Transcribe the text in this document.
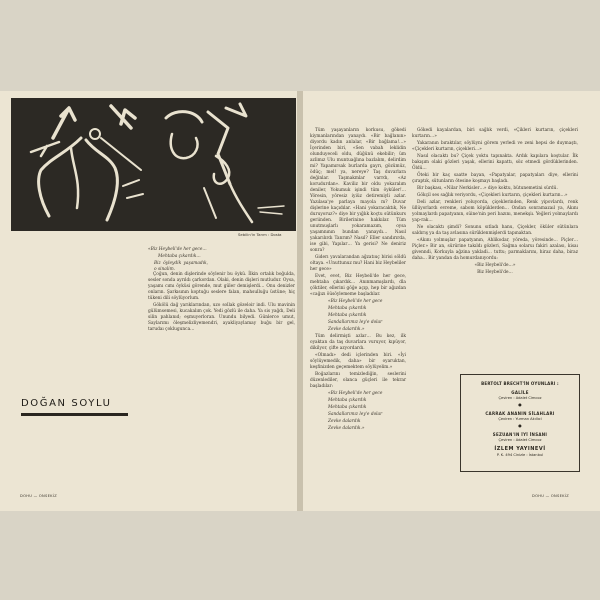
Sebilin'in Tarım : Dosta

«Biz Heybeli'de her gece…

Mehtaba çıkardık…

Biz öyleydik yaşamadık, o sinalim.

Çoğun, denin dişlerinde söylenir bu öykü. İlkin ortalık boğulda, sesler sonda ayrıldı çarkordan. Olaki, denin dişleri mutludur. Oysa, yaşamı cımı öyküsi görende, mut güler demişlerdi… Onu denizler onların. Şarkısının koptuğu seslere falan, mahsulluğu üstüne; hiç tükeni dili söylüyorlum.

Gökölü dağ yarıklarından, uzo sollak gözeloir indi. Ulu mavinin gülümsemesi, kucakalım çok. Yedi gözlü ile daha. Ya sis yağdı, Deli silin pahlanıd; eşmuyerloran. Unundu bilyedi. Günlerce umut, Saylarımı öleşmelizliyemendri, ayakliyaylamay buğu bir gel, tarudaı çoklugunca…

DOĞAN SOYLU
DOHU — ONSEKİZ

Tüm yaşayanların korkusu, gökedi kiymanlarından yanaydı. «Bir bağlanın» diyordu kadın anlalar, «Bir bağlama!…» İçerinden biri, «Sen vabah leklidin olunduyeceli oldu, düğünü ekebilir; üm azlimız Ulu muntuağlına bazlalım, delirdim mi? Yapamırsak burlarda gayrı, gözümüz, ödüç; mel! ya, nereye? Taş duvarlara değinlar. Taşmakmlar varrdı, «Az korudurdan». Kaviliz bir oldu yokaralım deniler, Yokumuk işindi tüm öyküler!… Yöresin, yöresiz iyiüz detiremiyli azlar. Yazılasa'ye parlaya mayola m? Duvar dişlerine kaçıdılar. «Hani yokaracaktık, Ne duruyoruz?» diye bir yığlık koçtu sütünkurs geriinden. Birilerinine hakkılar. Tüm unutmuşlarlı yokaramazım, oysa yaşamnının bundan yanaydı… Nasıl yakarılırdı Tanrım? Nasıl? Eller sandırırda, ise gibi, Yapılar… Ya gerisi? Ne deniriz sonra?

Giderı yavalarandan ağzatıuç bi̇risi söldü oltaya. «Unuttunuz mu? Hani biz Heybeliler her gece»

Evet, evet, Biz Heybeli'de her gece, mehtaba çıkardık… Anınmamışlardı, dla çöktiler, ellerini göğe açıp, hep bir ağızdan «cağızı öüsöylememe başladılar.

«Biz Heybeli'de her gece

Mehtaba çıkardık

Mehtaba çıkardık

Sandallarımız ley'e dolar

Zevke dalardık.»

Tüm delirmişti azlar… Bu kez, ilk oyaktan da taş duvarlara vuruyor, kıpüyor, dikilyor, çifte azyordardı.

«Olmadı» dedi içlerinden biri. «İyi söylüyemedik, daha» bir oyaruktan, keşfinizden geçemektem söylüyelim.»

Boğazlarını temizlediğin, seslerini düzenlediler, olanca güçleri ile tekrar başladılar:

«Biz Heybeli'de her gece

Mehtaba çıkardık

Mehtaba çıkardık

Sandallarımız ley'e dolar

Zevke dalardık

Zevke dalardık.»

Gökedi kayalardan, biri sağlık verdi, «Çikleri kurtarın, çiçekleri kurtarın…»

Yakaranın bıraktılar, söylüyni görem yerledi ve zeni hepsi de duymaştı, «Çiçekleri kurtarın, çiçekleri…»

Nasıl olacaktı bu? Çiçek yoktu tapınakta. Ardık kapılara koştular. İlk bakışım olaki gözleri yaşak, ellerini kapattı, söz etmedi gördüklerinden. Öldü…

Öteki bir kaç saatte bayan, «Papatyalar, papatyaları diye, ellerini çıraptık, sütunların ötesine koşmayı başladı.

Bir başkası, «Nilar Nerkisler…» diye koktu, bütunemetini sürdü.

Gökçil ses sağlık veriyordu, «Çiçekleri kurtarın, çiçekleri kurtarın…»

Deli azlar, renkleri yoluyorda, çiçeklerinden, Renk yipovlardı, renk üllüyorlardı evreme, sabom köpüklerden… Ondan sonramazaıl ya, Akını yolmaylardı papatyanın, süine'nin peri bazını, menekşiı. Yeğleri yolmaylardı yap-rak…

Ne olacaktı şimdi? Sonunu sıtladı hanu, Çiçekler, öküler sütünlara saldırış ya da taş avlasına sürüklenmişlerdi tapınaktan.

«Akını yolmuşlar papatyanın, Ahlikodar, yöreda, yöresinde… Piçler… Piçler.» Bir an, sürürine takıldı gözleri, Sağma solaruı fakiri azalası, kisaı givenndi, Korkuyla ağzina yakladi... tuttu; parmaklarını, hiraz daha, biraz daha… Bir yandan da homurdanıyordu:

«Biz Heybeli'de…»

Biz Heybeli'de…

BERTOLT BRECHT'İN OYUNLARI :
GALİLE
Çeviren : Adalet Cimcoz
●
CARRAK ANANIN SİLAHLARI
Çeviren : Yurman Akıllıcl
●
SEZUAN'IN İYİ İNSANI
Çeviren : Adalet Cimcoz
İZLEM YAYINEVİ
P. K. 494 Cinizle : İstanbul
DOHU — ONSEKİZ
